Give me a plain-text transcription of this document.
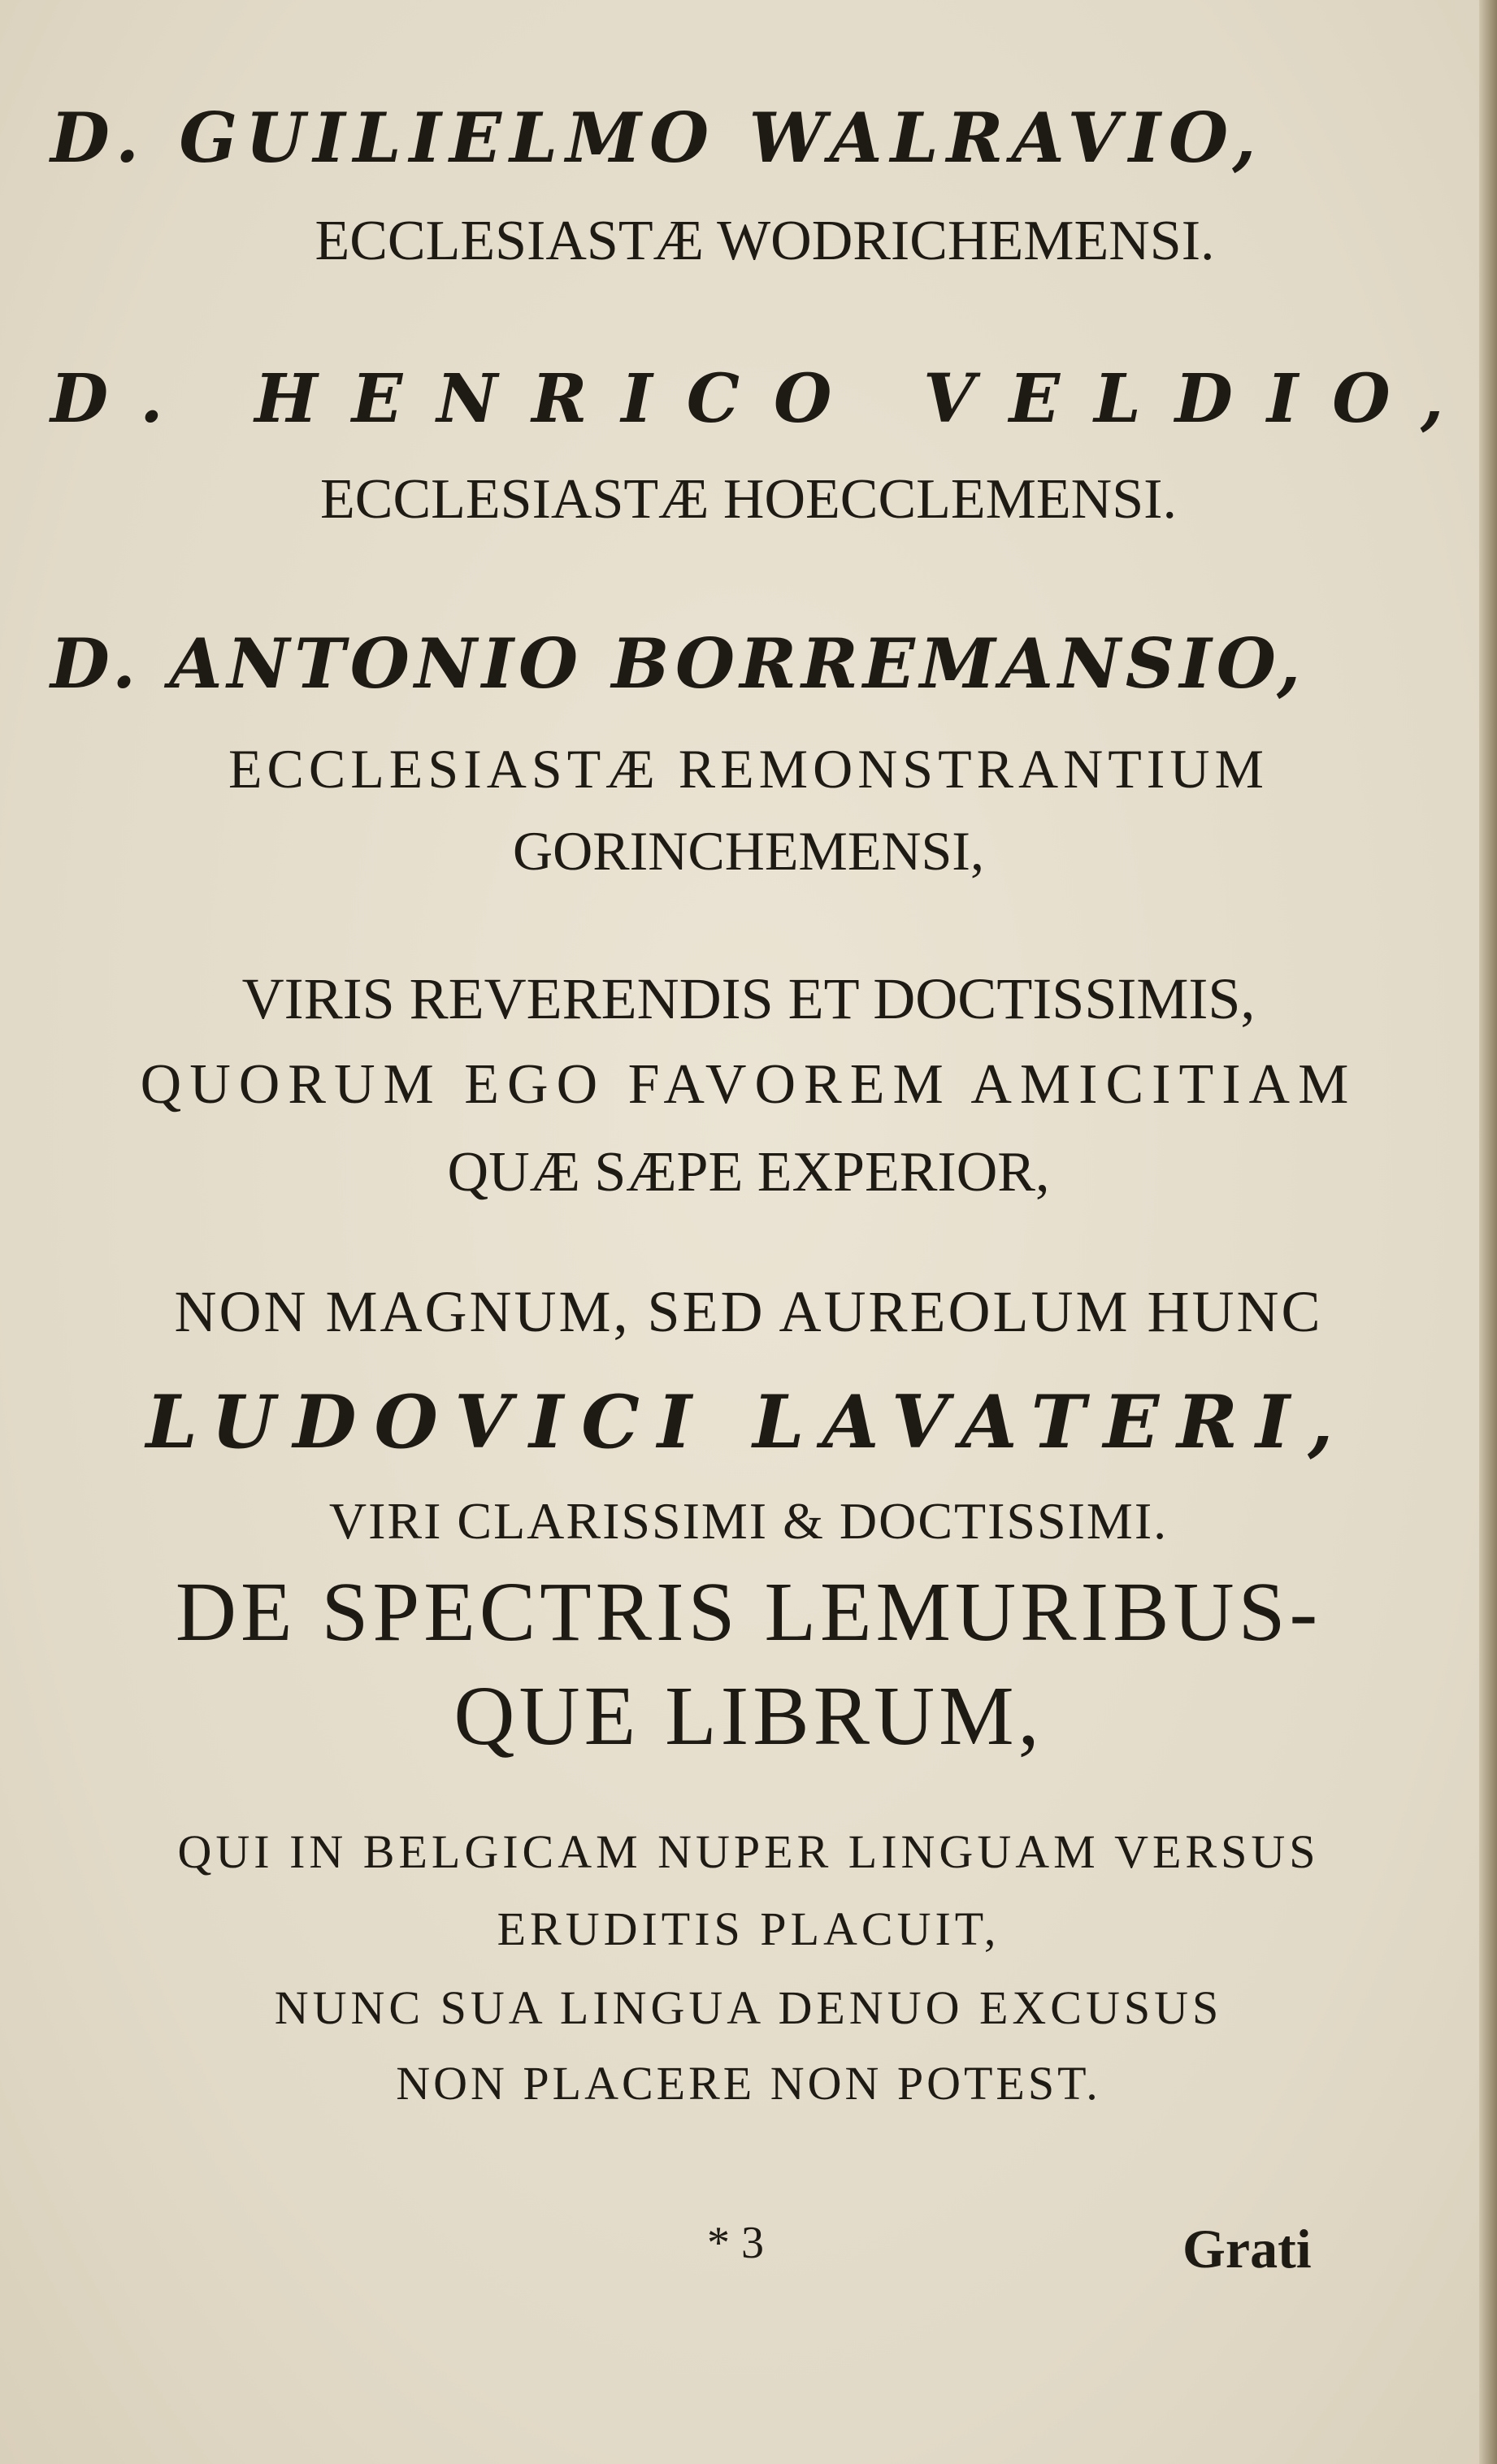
D. GUILIELMO WALRAVIO,
ECCLESIASTÆ WODRICHEMENSI.
D. HENRICO VELDIO,
ECCLESIASTÆ HOECCLEMENSI.
D. ANTONIO BORREMANSIO,
ECCLESIASTÆ REMONSTRANTIUM
GORINCHEMENSI,
VIRIS REVERENDIS ET DOCTISSIMIS,
QUORUM EGO FAVOREM AMICITIAM
QUÆ SÆPE EXPERIOR,
NON MAGNUM, SED AUREOLUM HUNC
LUDOVICI LAVATERI,
VIRI CLARISSIMI & DOCTISSIMI.
DE SPECTRIS LEMURIBUS-
QUE LIBRUM,
QUI IN BELGICAM NUPER LINGUAM VERSUS
ERUDITIS PLACUIT,
NUNC SUA LINGUA DENUO EXCUSUS
NON PLACERE NON POTEST.
* 3	Grati
